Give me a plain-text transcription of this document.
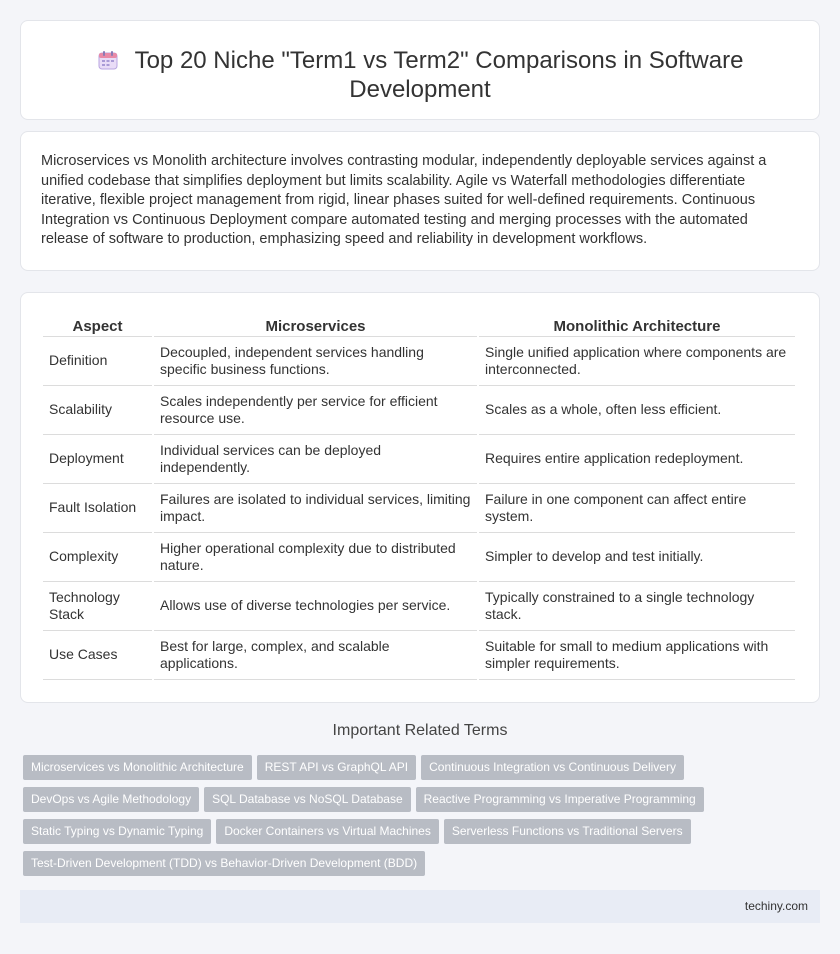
Top 20 Niche "Term1 vs Term2" Comparisons in Software Development

Microservices vs Monolith architecture involves contrasting modular, independently deployable services against a unified codebase that simplifies deployment but limits scalability. Agile vs Waterfall methodologies differentiate iterative, flexible project management from rigid, linear phases suited for well-defined requirements. Continuous Integration vs Continuous Deployment compare automated testing and merging processes with the automated release of software to production, emphasizing speed and reliability in development workflows.

Aspect	Microservices	Monolithic Architecture
Definition	Decoupled, independent services handling specific business functions.	Single unified application where components are interconnected.
Scalability	Scales independently per service for efficient resource use.	Scales as a whole, often less efficient.
Deployment	Individual services can be deployed independently.	Requires entire application redeployment.
Fault Isolation	Failures are isolated to individual services, limiting impact.	Failure in one component can affect entire system.
Complexity	Higher operational complexity due to distributed nature.	Simpler to develop and test initially.
Technology Stack	Allows use of diverse technologies per service.	Typically constrained to a single technology stack.
Use Cases	Best for large, complex, and scalable applications.	Suitable for small to medium applications with simpler requirements.
Important Related Terms
Microservices vs Monolithic Architecture REST API vs GraphQL API Continuous Integration vs Continuous Delivery
DevOps vs Agile Methodology SQL Database vs NoSQL Database Reactive Programming vs Imperative Programming
Static Typing vs Dynamic Typing Docker Containers vs Virtual Machines Serverless Functions vs Traditional Servers
Test-Driven Development (TDD) vs Behavior-Driven Development (BDD)
techiny.com
